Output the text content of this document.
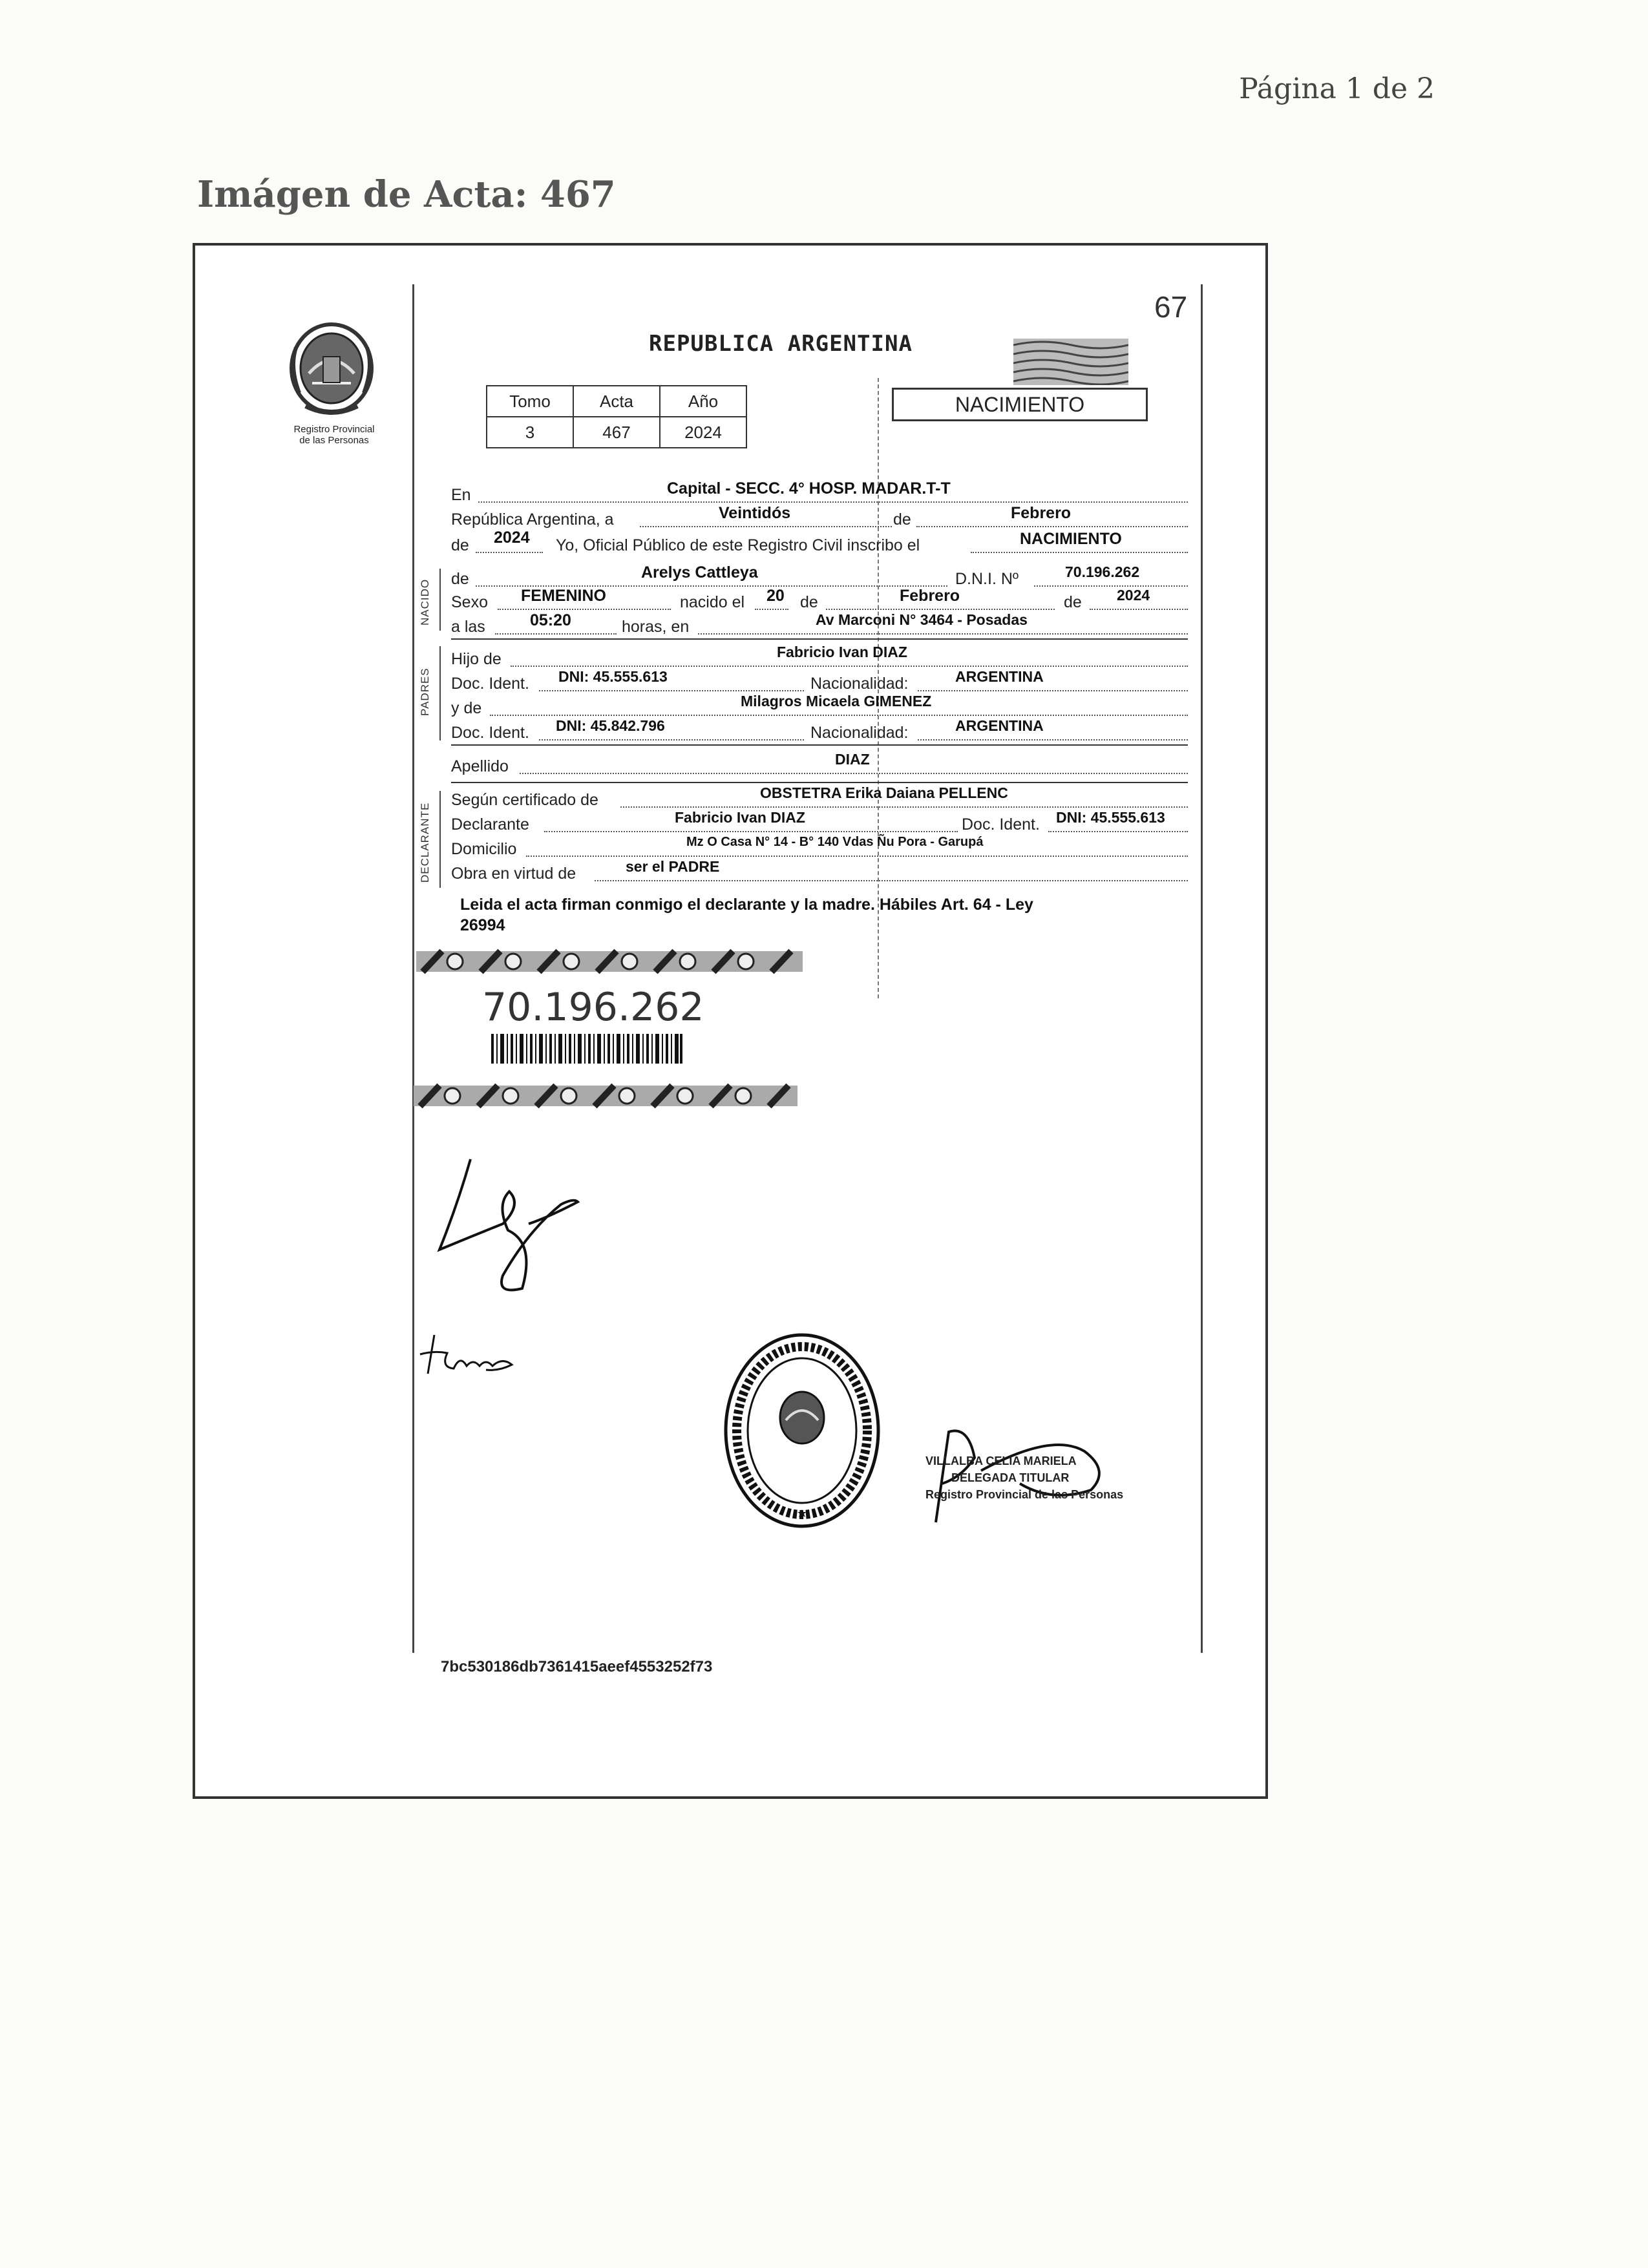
Página 1 de 2
Imágen de Acta: 467
Registro Provincial
de las Personas
67
REPUBLICA ARGENTINA
Tomo	Acta	Año
3	467	2024
NACIMIENTO
En	Capital - SECC. 4° HOSP. MADAR.T-T
República Argentina, a	Veintidós	de	Febrero
de 2024 Yo, Oficial Público de este Registro Civil inscribo el	NACIMIENTO
NACIDO de	Arelys Cattleya	D.N.I. Nº	70.196.262
Sexo FEMENINO	nacido el 20 de	Febrero	de 2024
a las	05:20	horas, en	Av Marconi N° 3464 - Posadas
PADRES
Hijo de	Fabricio Ivan DIAZ
Doc. Ident. DNI: 45.555.613	Nacionalidad:	ARGENTINA
y de	Milagros Micaela GIMENEZ
Doc. Ident. DNI: 45.842.796	Nacionalidad:	ARGENTINA
Apellido	DIAZ
DECLARANTE
Según certificado de	OBSTETRA Erika Daiana PELLENC
Declarante	Fabricio Ivan DIAZ	Doc. Ident. DNI: 45.555.613
Domicilio	Mz O Casa N° 14 - B° 140 Vdas Ñu Pora - Garupá
Obra en virtud de	ser el PADRE
Leida el acta firman conmigo el declarante y la madre. Hábiles Art. 64 - Ley
26994
70.196.262
VILLALBA CELIA MARIELA
DELEGADA TITULAR
Registro Provincial de las Personas
7bc530186db7361415aeef4553252f73
